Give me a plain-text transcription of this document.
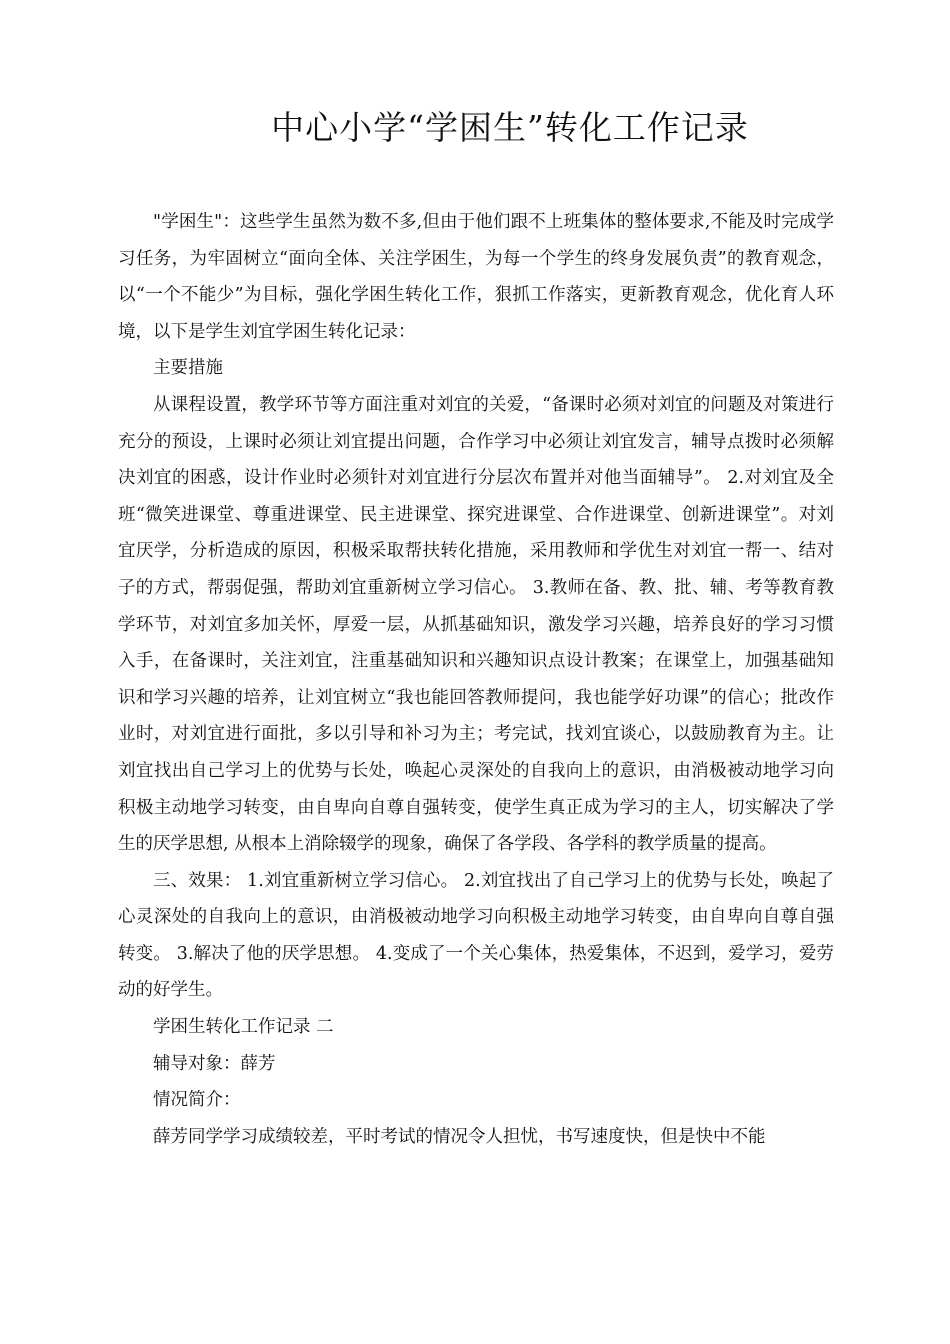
中心小学“学困生”转化工作记录

"学困生"：这些学生虽然为数不多,但由于他们跟不上班集体的整体要求,不能及时完成学习任务，为牢固树立“面向全体、关注学困生，为每一个学生的终身发展负责”的教育观念，以“一个不能少”为目标，强化学困生转化工作，狠抓工作落实，更新教育观念，优化育人环境，以下是学生刘宜学困生转化记录：

主要措施

从课程设置，教学环节等方面注重对刘宜的关爱，“备课时必须对刘宜的问题及对策进行充分的预设，上课时必须让刘宜提出问题，合作学习中必须让刘宜发言，辅导点拨时必须解决刘宜的困惑，设计作业时必须针对刘宜进行分层次布置并对他当面辅导”。 2.对刘宜及全班“微笑进课堂、尊重进课堂、民主进课堂、探究进课堂、合作进课堂、创新进课堂”。对刘宜厌学，分析造成的原因，积极采取帮扶转化措施，采用教师和学优生对刘宜一帮一、结对子的方式，帮弱促强，帮助刘宜重新树立学习信心。 3.教师在备、教、批、辅、考等教育教学环节，对刘宜多加关怀，厚爱一层，从抓基础知识，激发学习兴趣，培养良好的学习习惯入手，在备课时，关注刘宜，注重基础知识和兴趣知识点设计教案；在课堂上，加强基础知识和学习兴趣的培养，让刘宜树立“我也能回答教师提问，我也能学好功课”的信心；批改作业时，对刘宜进行面批，多以引导和补习为主；考完试，找刘宜谈心，以鼓励教育为主。让刘宜找出自己学习上的优势与长处，唤起心灵深处的自我向上的意识，由消极被动地学习向积极主动地学习转变，由自卑向自尊自强转变，使学生真正成为学习的主人，切实解决了学生的厌学思想, 从根本上消除辍学的现象，确保了各学段、各学科的教学质量的提高。

三、效果： 1.刘宜重新树立学习信心。 2.刘宜找出了自己学习上的优势与长处，唤起了心灵深处的自我向上的意识，由消极被动地学习向积极主动地学习转变，由自卑向自尊自强转变。 3.解决了他的厌学思想。 4.变成了一个关心集体，热爱集体，不迟到，爱学习，爱劳动的好学生。

学困生转化工作记录 二

辅导对象：薛芳

情况简介：

薛芳同学学习成绩较差，平时考试的情况令人担忧，书写速度快，但是快中不能
